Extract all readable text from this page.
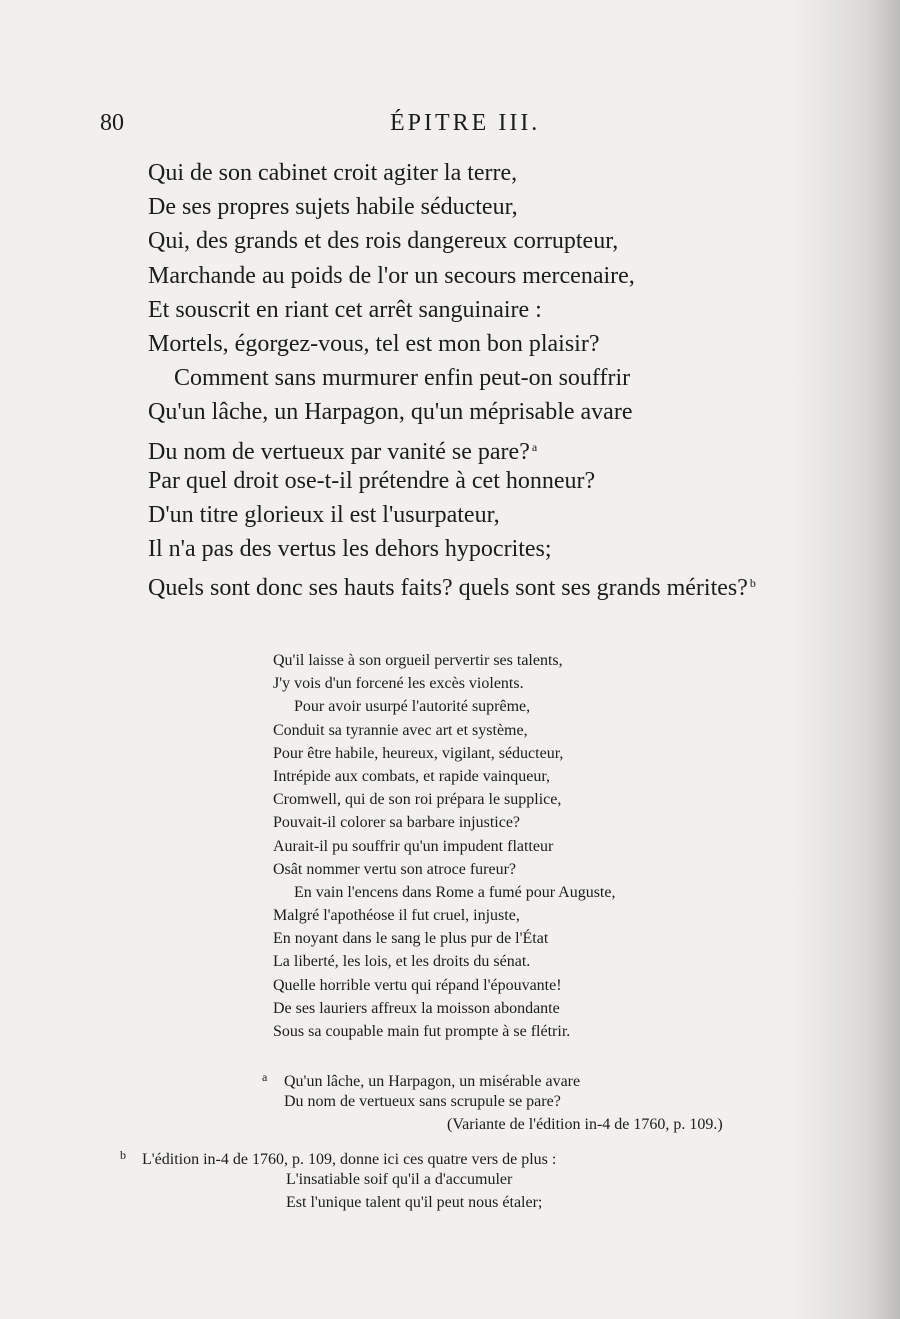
80	ÉPITRE III.
Qui de son cabinet croit agiter la terre,
De ses propres sujets habile séducteur,
Qui, des grands et des rois dangereux corrupteur,
Marchande au poids de l'or un secours mercenaire,
Et souscrit en riant cet arrêt sanguinaire :
Mortels, égorgez-vous, tel est mon bon plaisir?
Comment sans murmurer enfin peut-on souffrir
Qu'un lâche, un Harpagon, qu'un méprisable avare
Du nom de vertueux par vanité se pare? $^a$
Par quel droit ose-t-il prétendre à cet honneur?
D'un titre glorieux il est l'usurpateur,
Il n'a pas des vertus les dehors hypocrites;
Quels sont donc ses hauts faits? quels sont ses grands mérites? $^b$
Qu'il laisse à son orgueil pervertir ses talents,
J'y vois d'un forcené les excès violents.
Pour avoir usurpé l'autorité suprême,
Conduit sa tyrannie avec art et système,
Pour être habile, heureux, vigilant, séducteur,
Intrépide aux combats, et rapide vainqueur,
Cromwell, qui de son roi prépara le supplice,
Pouvait-il colorer sa barbare injustice?
Aurait-il pu souffrir qu'un impudent flatteur
Osât nommer vertu son atroce fureur?
En vain l'encens dans Rome a fumé pour Auguste,
Malgré l'apothéose il fut cruel, injuste,
En noyant dans le sang le plus pur de l'État
La liberté, les lois, et les droits du sénat.
Quelle horrible vertu qui répand l'épouvante!
De ses lauriers affreux la moisson abondante
Sous sa coupable main fut prompte à se flétrir.
a Qu'un lâche, un Harpagon, un misérable avare
Du nom de vertueux sans scrupule se pare?
(Variante de l'édition in-4 de 1760, p. 109.)
b L'édition in-4 de 1760, p. 109, donne ici ces quatre vers de plus :
L'insatiable soif qu'il a d'accumuler
Est l'unique talent qu'il peut nous étaler;
